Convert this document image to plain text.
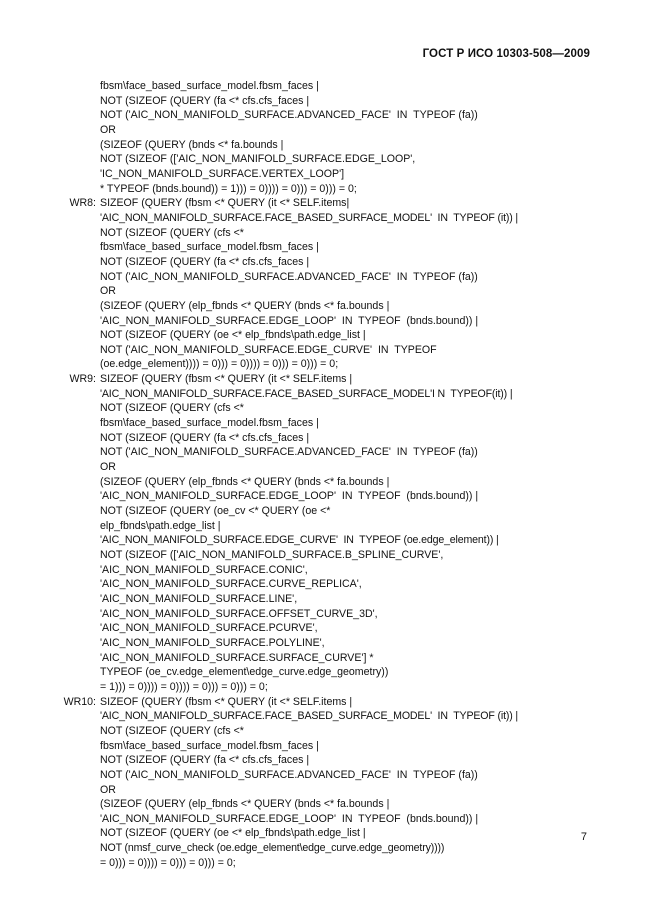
ГОСТ Р ИСО 10303-508—2009
fbsm\face_based_surface_model.fbsm_faces |
NOT (SIZEOF (QUERY (fa <* cfs.cfs_faces |
NOT ('AIC_NON_MANIFOLD_SURFACE.ADVANCED_FACE'  IN  TYPEOF (fa))
OR
(SIZEOF (QUERY (bnds <* fa.bounds |
NOT (SIZEOF (['AIC_NON_MANIFOLD_SURFACE.EDGE_LOOP',
'IC_NON_MANIFOLD_SURFACE.VERTEX_LOOP']
* TYPEOF (bnds.bound)) = 1))) = 0)))) = 0))) = 0))) = 0;
WR8: SIZEOF (QUERY (fbsm <* QUERY (it <* SELF.items|
'AIC_NON_MANIFOLD_SURFACE.FACE_BASED_SURFACE_MODEL'  IN  TYPEOF (it)) |
NOT (SIZEOF (QUERY (cfs <*
fbsm\face_based_surface_model.fbsm_faces |
NOT (SIZEOF (QUERY (fa <* cfs.cfs_faces |
NOT ('AIC_NON_MANIFOLD_SURFACE.ADVANCED_FACE'  IN  TYPEOF (fa))
OR
(SIZEOF (QUERY (elp_fbnds <* QUERY (bnds <* fa.bounds |
'AIC_NON_MANIFOLD_SURFACE.EDGE_LOOP'  IN  TYPEOF  (bnds.bound)) |
NOT (SIZEOF (QUERY (oe <* elp_fbnds\path.edge_list |
NOT ('AIC_NON_MANIFOLD_SURFACE.EDGE_CURVE'  IN  TYPEOF
(oe.edge_element)))) = 0))) = 0)))) = 0))) = 0))) = 0;
WR9: SIZEOF (QUERY (fbsm <* QUERY (it <* SELF.items |
'AIC_NON_MANIFOLD_SURFACE.FACE_BASED_SURFACE_MODEL'I N  TYPEOF(it)) |
NOT (SIZEOF (QUERY (cfs <*
fbsm\face_based_surface_model.fbsm_faces |
NOT (SIZEOF (QUERY (fa <* cfs.cfs_faces |
NOT ('AIC_NON_MANIFOLD_SURFACE.ADVANCED_FACE'  IN  TYPEOF (fa))
OR
(SIZEOF (QUERY (elp_fbnds <* QUERY (bnds <* fa.bounds |
'AIC_NON_MANIFOLD_SURFACE.EDGE_LOOP'  IN  TYPEOF  (bnds.bound)) |
NOT (SIZEOF (QUERY (oe_cv <* QUERY (oe <*
elp_fbnds\path.edge_list |
'AIC_NON_MANIFOLD_SURFACE.EDGE_CURVE'  IN  TYPEOF (oe.edge_element)) |
NOT (SIZEOF (['AIC_NON_MANIFOLD_SURFACE.B_SPLINE_CURVE',
'AIC_NON_MANIFOLD_SURFACE.CONIC',
'AIC_NON_MANIFOLD_SURFACE.CURVE_REPLICA',
'AIC_NON_MANIFOLD_SURFACE.LINE',
'AIC_NON_MANIFOLD_SURFACE.OFFSET_CURVE_3D',
'AIC_NON_MANIFOLD_SURFACE.PCURVE',
'AIC_NON_MANIFOLD_SURFACE.POLYLINE',
'AIC_NON_MANIFOLD_SURFACE.SURFACE_CURVE'] *
TYPEOF (oe_cv.edge_element\edge_curve.edge_geometry))
= 1))) = 0)))) = 0)))) = 0))) = 0))) = 0;
WR10: SIZEOF (QUERY (fbsm <* QUERY (it <* SELF.items |
'AIC_NON_MANIFOLD_SURFACE.FACE_BASED_SURFACE_MODEL'  IN  TYPEOF (it)) |
NOT (SIZEOF (QUERY (cfs <*
fbsm\face_based_surface_model.fbsm_faces |
NOT (SIZEOF (QUERY (fa <* cfs.cfs_faces |
NOT ('AIC_NON_MANIFOLD_SURFACE.ADVANCED_FACE'  IN  TYPEOF (fa))
OR
(SIZEOF (QUERY (elp_fbnds <* QUERY (bnds <* fa.bounds |
'AIC_NON_MANIFOLD_SURFACE.EDGE_LOOP'  IN  TYPEOF  (bnds.bound)) |
NOT (SIZEOF (QUERY (oe <* elp_fbnds\path.edge_list |
NOT (nmsf_curve_check (oe.edge_element\edge_curve.edge_geometry))))
= 0))) = 0)))) = 0))) = 0))) = 0;
7
